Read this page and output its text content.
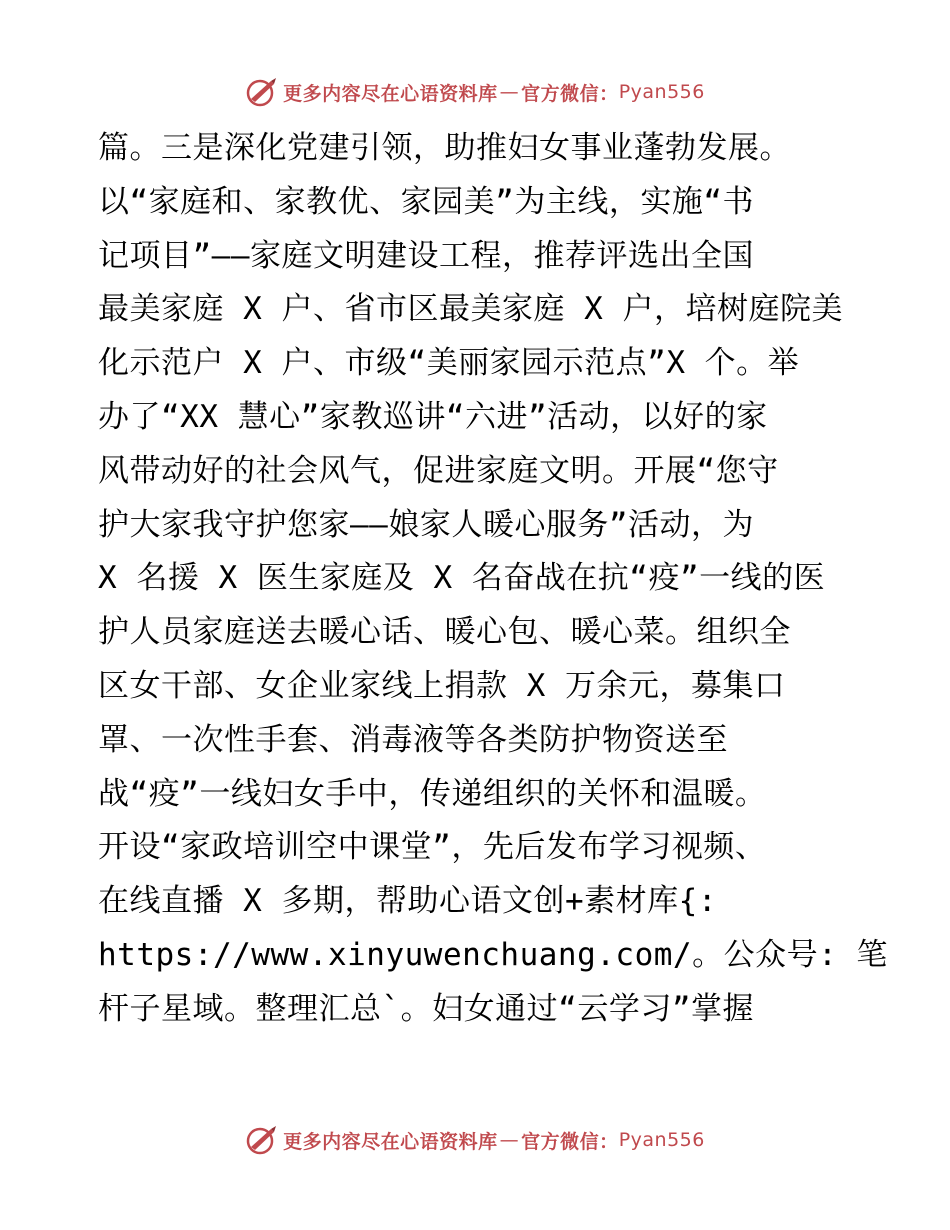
更多内容尽在心语资料库 — 官方微信： Pyan556
篇。三是深化党建引领，助推妇女事业蓬勃发展。
以“家庭和、家教优、家园美”为主线，实施“书
记项目”——家庭文明建设工程，推荐评选出全国
最美家庭 X 户、省市区最美家庭 X 户，培树庭院美
化示范户 X 户、市级“美丽家园示范点”X 个。举
办了“XX 慧心”家教巡讲“六进”活动，以好的家
风带动好的社会风气，促进家庭文明。开展“您守
护大家我守护您家——娘家人暖心服务”活动，为
X 名援 X 医生家庭及 X 名奋战在抗“疫”一线的医
护人员家庭送去暖心话、暖心包、暖心菜。组织全
区女干部、女企业家线上捐款 X 万余元，募集口
罩、一次性手套、消毒液等各类防护物资送至
战“疫”一线妇女手中，传递组织的关怀和温暖。
开设“家政培训空中课堂”，先后发布学习视频、
在线直播 X 多期，帮助心语文创+素材库{:
https://www.xinyuwenchuang.com/。公众号: 笔
杆子星域。整理汇总`。妇女通过“云学习”掌握
更多内容尽在心语资料库 — 官方微信： Pyan556
